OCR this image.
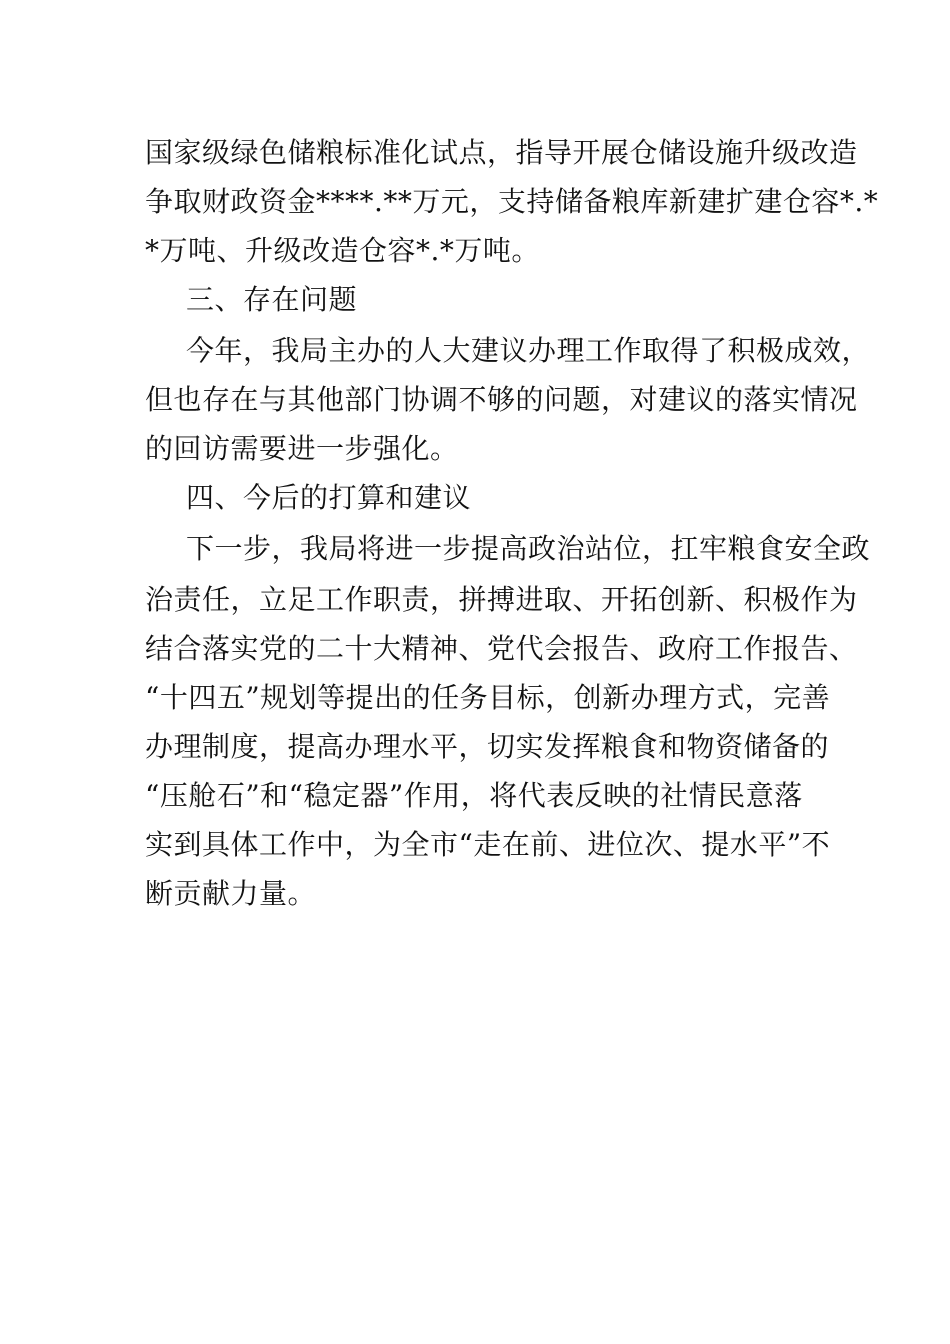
国家级绿色储粮标准化试点，指导开展仓储设施升级改造
争取财政资金****.**万元，支持储备粮库新建扩建仓容*.*
*万吨、升级改造仓容*.*万吨。
三、存在问题
今年，我局主办的人大建议办理工作取得了积极成效，
但也存在与其他部门协调不够的问题，对建议的落实情况
的回访需要进一步强化。
四、今后的打算和建议
下一步，我局将进一步提高政治站位，扛牢粮食安全政
治责任，立足工作职责，拼搏进取、开拓创新、积极作为
结合落实党的二十大精神、党代会报告、政府工作报告、
“十四五”规划等提出的任务目标，创新办理方式，完善
办理制度，提高办理水平，切实发挥粮食和物资储备的
“压舱石”和“稳定器”作用，将代表反映的社情民意落
实到具体工作中，为全市“走在前、进位次、提水平”不
断贡献力量。
